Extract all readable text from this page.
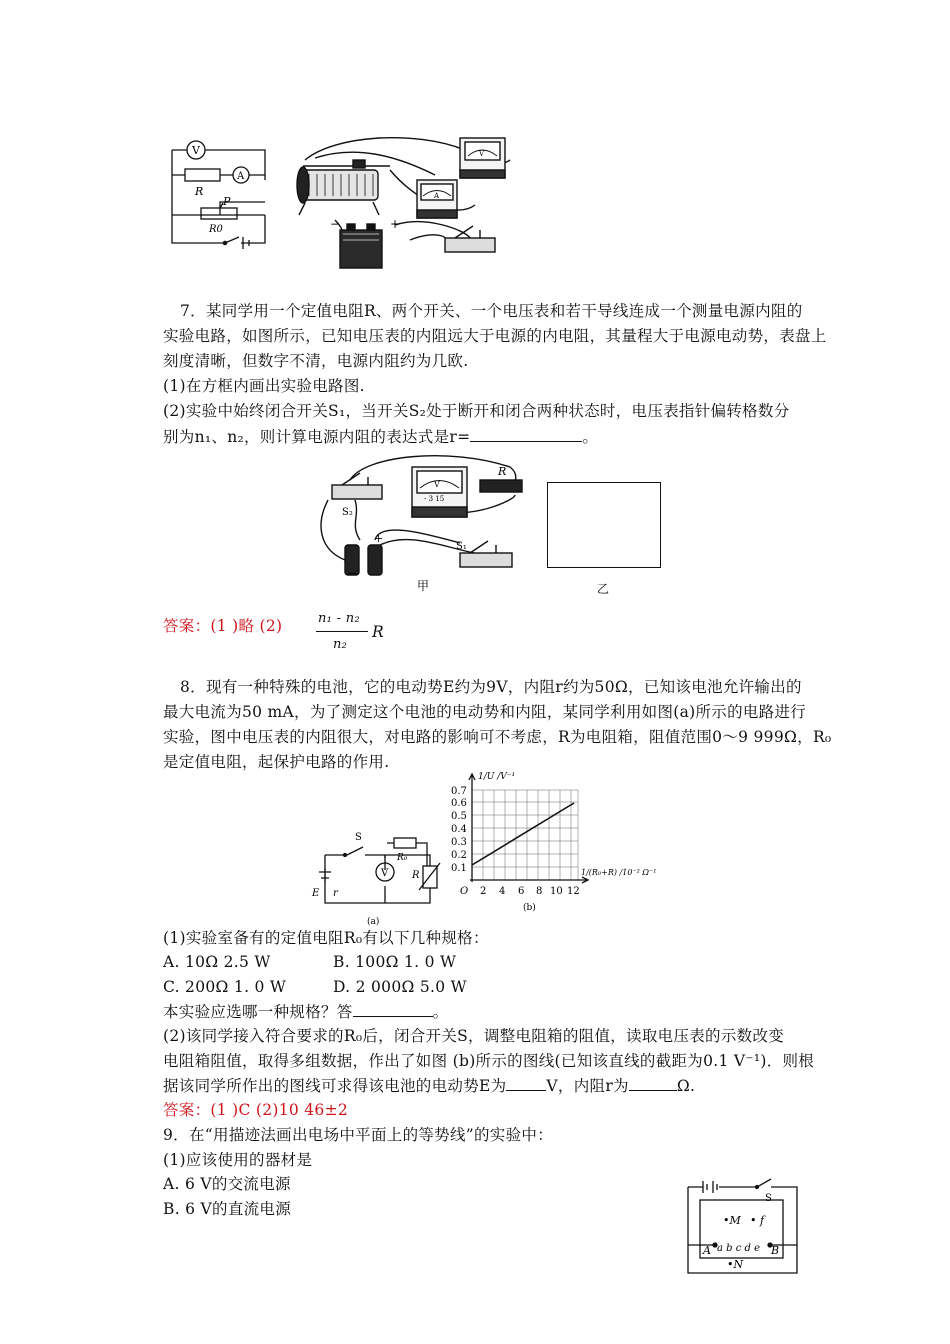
V
A
R
P
R0	−	+
V
A
7．某同学用一个定值电阻R、两个开关、一个电压表和若干导线连成一个测量电源内阻的
实验电路，如图所示，已知电压表的内阻远大于电源的内电阻，其量程大于电源电动势，表盘上
刻度清晰，但数字不清，电源内阻约为几欧.
(1)在方框内画出实验电路图.
(2)实验中始终闭合开关S₁，当开关S₂处于断开和闭合两种状态时，电压表指针偏转格数分
别为n₁、n₂，则计算电源内阻的表达式是r=	。
S₂
V
- 3 15
R
S₁
−
+
甲	乙
答案：(1 )略 (2)	n₁ - n₂
n₂
R
8．现有一种特殊的电池，它的电动势E约为9V，内阻r约为50Ω，已知该电池允许输出的
最大电流为50 mA，为了测定这个电池的电动势和内阻，某同学利用如图(a)所示的电路进行
实验，图中电压表的内阻很大，对电路的影响可不考虑，R为电阻箱，阻值范围0～9 999Ω，R₀
是定值电阻，起保护电路的作用.
S
R₀
R
V
E r
(a)
0.7
0.6
0.5
0.4
0.3
0.2
0.1
O 2 4 6 8 10 12
1/U /V⁻¹
1/(R₀+R) /10⁻² Ω⁻¹
(b)
(1)实验室备有的定值电阻R₀有以下几种规格：
A. 10Ω 2.5 W	B. 100Ω 1. 0 W
C. 200Ω 1. 0 W	D. 2 000Ω 5.0 W
本实验应选哪一种规格？答	。
(2)该同学接入符合要求的R₀后，闭合开关S，调整电阻箱的阻值，读取电压表的示数改变
电阻箱阻值，取得多组数据，作出了如图 (b)所示的图线(已知该直线的截距为0.1 V⁻¹)．则根
据该同学所作出的图线可求得该电池的电动势E为	V，内阻r为	Ω.
答案：(1 )C (2)10 46±2
9．在“用描迹法画出电场中平面上的等势线”的实验中：
(1)应该使用的器材是
A. 6 V的交流电源
B. 6 V的直流电源
S
•M • f
A a b c d e B
•N
